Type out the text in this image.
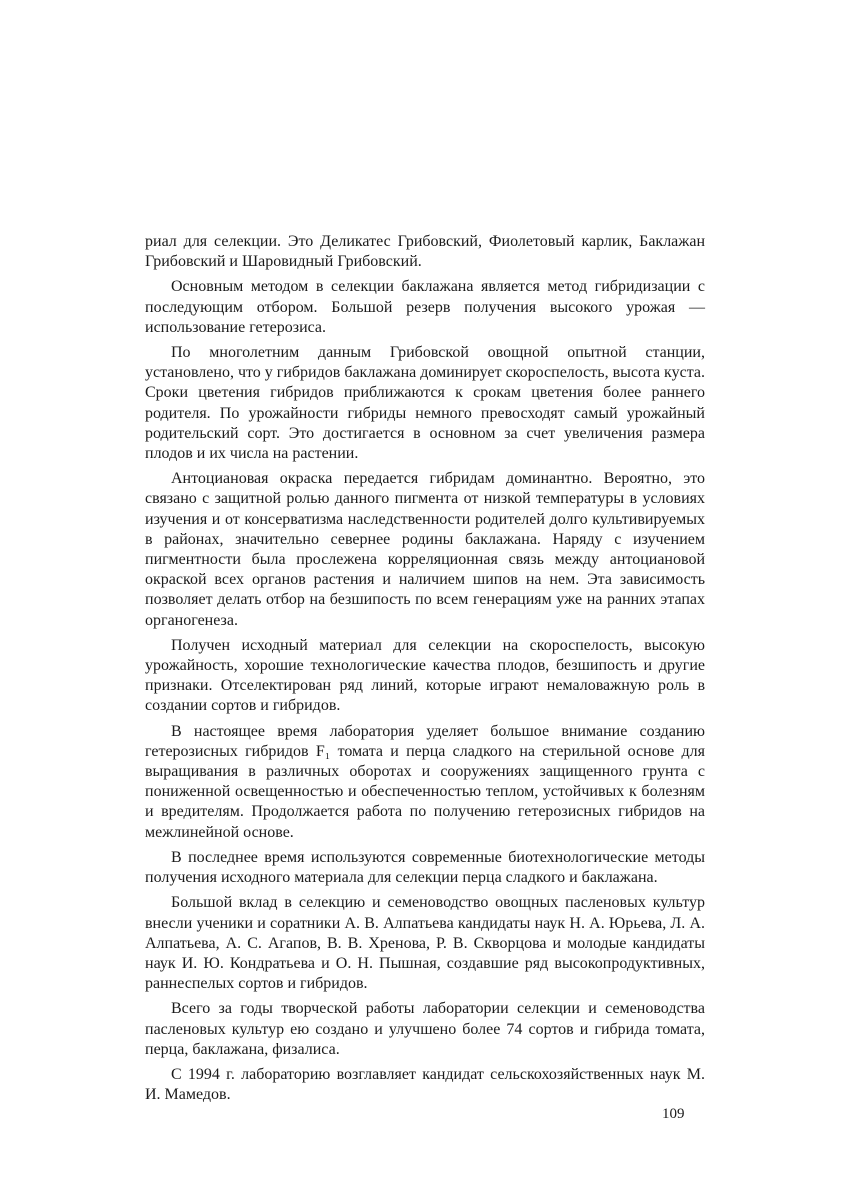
риал для селекции. Это Деликатес Грибовский, Фиолетовый карлик, Баклажан Грибовский и Шаровидный Грибовский.

Основным методом в селекции баклажана является метод гибридизации с последующим отбором. Большой резерв получения высокого урожая — использование гетерозиса.

По многолетним данным Грибовской овощной опытной станции, установлено, что у гибридов баклажана доминирует скороспелость, высота куста. Сроки цветения гибридов приближаются к срокам цветения более раннего родителя. По урожайности гибриды немного превосходят самый урожайный родительский сорт. Это достигается в основном за счет увеличения размера плодов и их числа на растении.

Антоциановая окраска передается гибридам доминантно. Вероятно, это связано с защитной ролью данного пигмента от низкой температуры в условиях изучения и от консерватизма наследственности родителей долго культивируемых в районах, значительно севернее родины баклажана. Наряду с изучением пигментности была прослежена корреляционная связь между антоциановой окраской всех органов растения и наличием шипов на нем. Эта зависимость позволяет делать отбор на безшипость по всем генерациям уже на ранних этапах органогенеза.

Получен исходный материал для селекции на скороспелость, высокую урожайность, хорошие технологические качества плодов, безшипость и другие признаки. Отселектирован ряд линий, которые играют немаловажную роль в создании сортов и гибридов.

В настоящее время лаборатория уделяет большое внимание созданию гетерозисных гибридов F₁ томата и перца сладкого на стерильной основе для выращивания в различных оборотах и сооружениях защищенного грунта с пониженной освещенностью и обеспеченностью теплом, устойчивых к болезням и вредителям. Продолжается работа по получению гетерозисных гибридов на межлинейной основе.

В последнее время используются современные биотехнологические методы получения исходного материала для селекции перца сладкого и баклажана.

Большой вклад в селекцию и семеноводство овощных пасленовых культур внесли ученики и соратники А. В. Алпатьева кандидаты наук Н. А. Юрьева, Л. А. Алпатьева, А. С. Агапов, В. В. Хренова, Р. В. Скворцова и молодые кандидаты наук И. Ю. Кондратьева и О. Н. Пышная, создавшие ряд высокопродуктивных, раннеспелых сортов и гибридов.

Всего за годы творческой работы лаборатории селекции и семеноводства пасленовых культур ею создано и улучшено более 74 сортов и гибрида томата, перца, баклажана, физалиса.

С 1994 г. лабораторию возглавляет кандидат сельскохозяйственных наук М. И. Мамедов.

109
